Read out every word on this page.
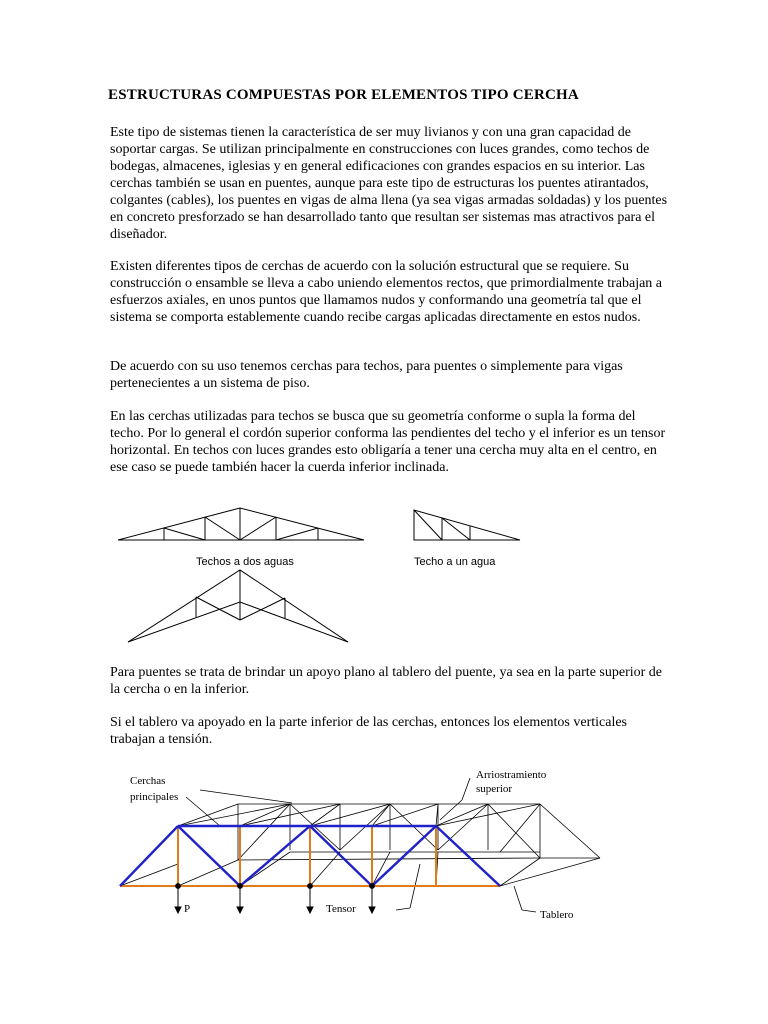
ESTRUCTURAS COMPUESTAS POR ELEMENTOS TIPO CERCHA

Este tipo de sistemas tienen la característica de ser muy livianos y con una gran capacidad de soportar cargas. Se utilizan principalmente en construcciones con luces grandes, como techos de bodegas, almacenes, iglesias y en general edificaciones con grandes espacios en su interior. Las cerchas también se usan en puentes, aunque para este tipo de estructuras los puentes atirantados, colgantes (cables), los puentes en vigas de alma llena (ya sea vigas armadas soldadas) y los puentes en concreto presforzado se han desarrollado tanto que resultan ser sistemas mas atractivos para el diseñador.

Existen diferentes tipos de cerchas de acuerdo con la solución estructural que se requiere. Su construcción o ensamble se lleva a cabo uniendo elementos rectos, que primordialmente trabajan a esfuerzos axiales, en unos puntos que llamamos nudos y conformando una geometría tal que el sistema se comporta establemente cuando recibe cargas aplicadas directamente en estos nudos.

De acuerdo con su uso tenemos cerchas para techos, para puentes o simplemente para vigas pertenecientes a un sistema de piso.

En las cerchas utilizadas para techos se busca que su geometría conforme o supla la forma del techo. Por lo general el cordón superior conforma las pendientes del techo y el inferior es un tensor horizontal. En techos con luces grandes esto obligaría a tener una cercha muy alta en el centro, en ese caso se puede también hacer la cuerda inferior inclinada.

Techos a dos aguas	Techo a un agua

Para puentes se trata de brindar un apoyo plano al tablero del puente, ya sea en la parte superior de la cercha o en la inferior.

Si el tablero va apoyado en la parte inferior de las cerchas, entonces los elementos verticales trabajan a tensión.

Cerchas
principales
Arriostramiento
superior
P	Tensor	Tablero
